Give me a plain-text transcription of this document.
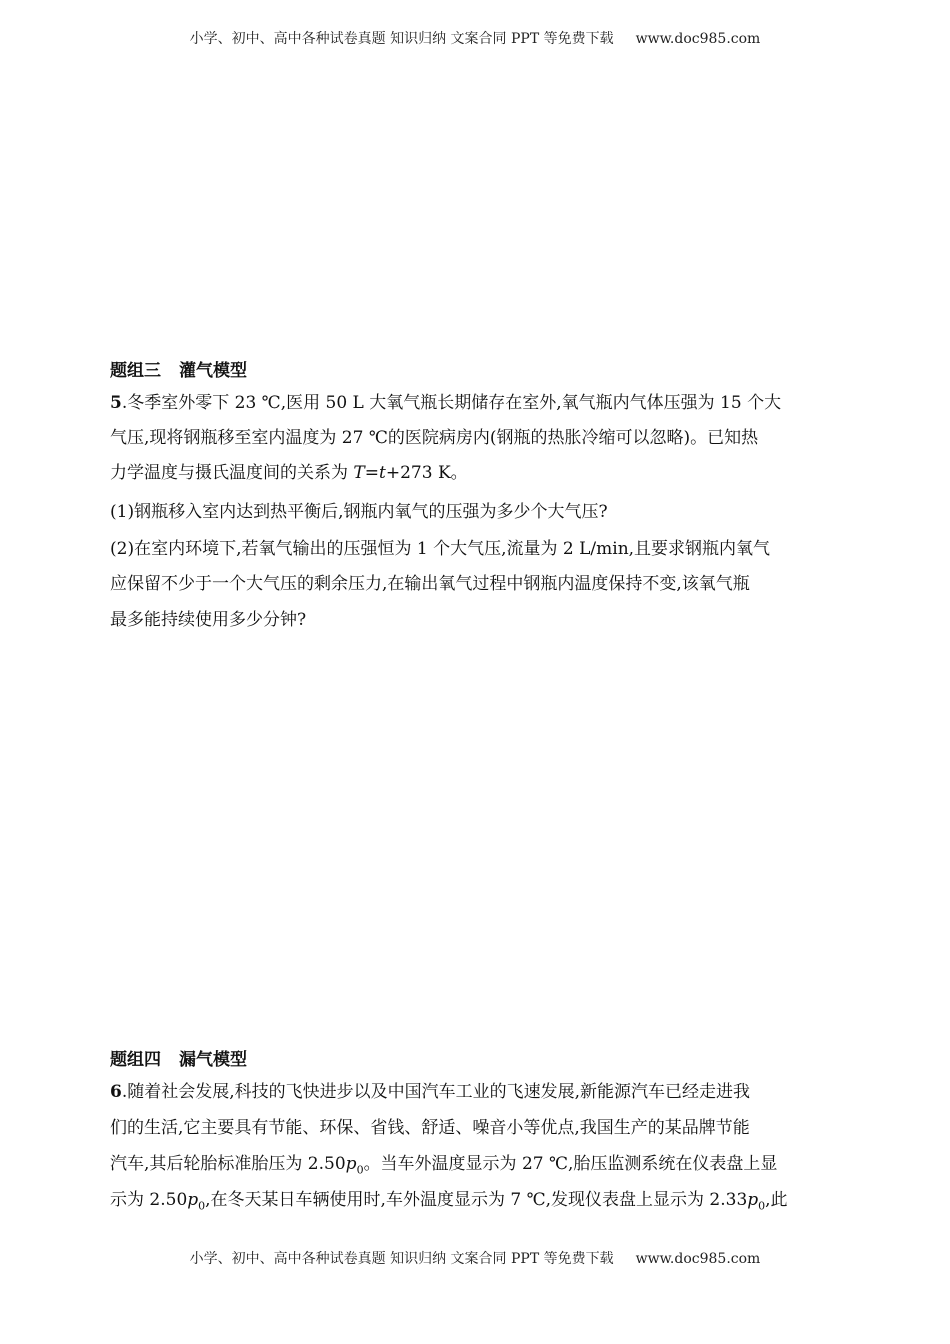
小学、初中、高中各种试卷真题 知识归纳 文案合同 PPT 等免费下载 www.doc985.com
题组三 灌气模型
5.冬季室外零下 23 ℃,医用 50 L 大氧气瓶长期储存在室外,氧气瓶内气体压强为 15 个大
气压,现将钢瓶移至室内温度为 27 ℃的医院病房内(钢瓶的热胀冷缩可以忽略)。已知热
力学温度与摄氏温度间的关系为 T=t+273 K。
(1)钢瓶移入室内达到热平衡后,钢瓶内氧气的压强为多少个大气压?
(2)在室内环境下,若氧气输出的压强恒为 1 个大气压,流量为 2 L/min,且要求钢瓶内氧气
应保留不少于一个大气压的剩余压力,在输出氧气过程中钢瓶内温度保持不变,该氧气瓶
最多能持续使用多少分钟?
题组四 漏气模型
6.随着社会发展,科技的飞快进步以及中国汽车工业的飞速发展,新能源汽车已经走进我
们的生活,它主要具有节能、环保、省钱、舒适、噪音小等优点,我国生产的某品牌节能
汽车,其后轮胎标准胎压为 $2.50p_0$。当车外温度显示为 27 ℃,胎压监测系统在仪表盘上显
示为 $2.50p_0$,在冬天某日车辆使用时,车外温度显示为 7 ℃,发现仪表盘上显示为 $2.33p_0$,此
小学、初中、高中各种试卷真题 知识归纳 文案合同 PPT 等免费下载 www.doc985.com
